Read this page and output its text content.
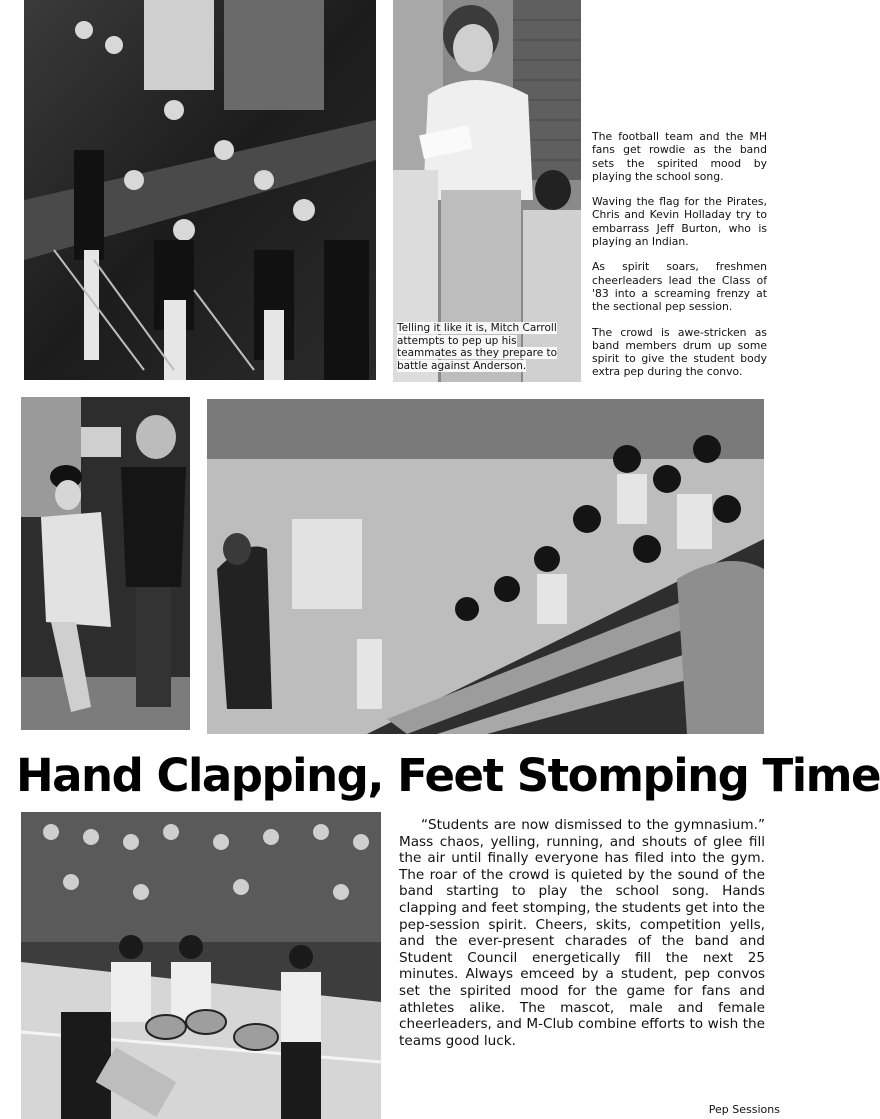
Telling it like it is, Mitch Carroll attempts to pep up his teammates as they prepare to battle against Anderson.

The football team and the MH fans get rowdie as the band sets the spirited mood by playing the school song.

Waving the flag for the Pirates, Chris and Kevin Holladay try to embarrass Jeff Burton, who is playing an Indian.

As spirit soars, freshmen cheerleaders lead the Class of '83 into a screaming frenzy at the sectional pep session.

The crowd is awe-stricken as band members drum up some spirit to give the student body extra pep during the convo.

Hand Clapping, Feet Stomping Time

“Students are now dismissed to the gymnasium.” Mass chaos, yelling, running, and shouts of glee fill the air until finally everyone has filed into the gym. The roar of the crowd is quieted by the sound of the band starting to play the school song. Hands clapping and feet stomping, the students get into the pep-session spirit. Cheers, skits, competition yells, and the ever-present charades of the band and Student Council energetically fill the next 25 minutes. Always emceed by a student, pep convos set the spirited mood for the game for fans and athletes alike. The mascot, male and female cheerleaders, and M-Club combine efforts to wish the teams good luck.

Pep Sessions
